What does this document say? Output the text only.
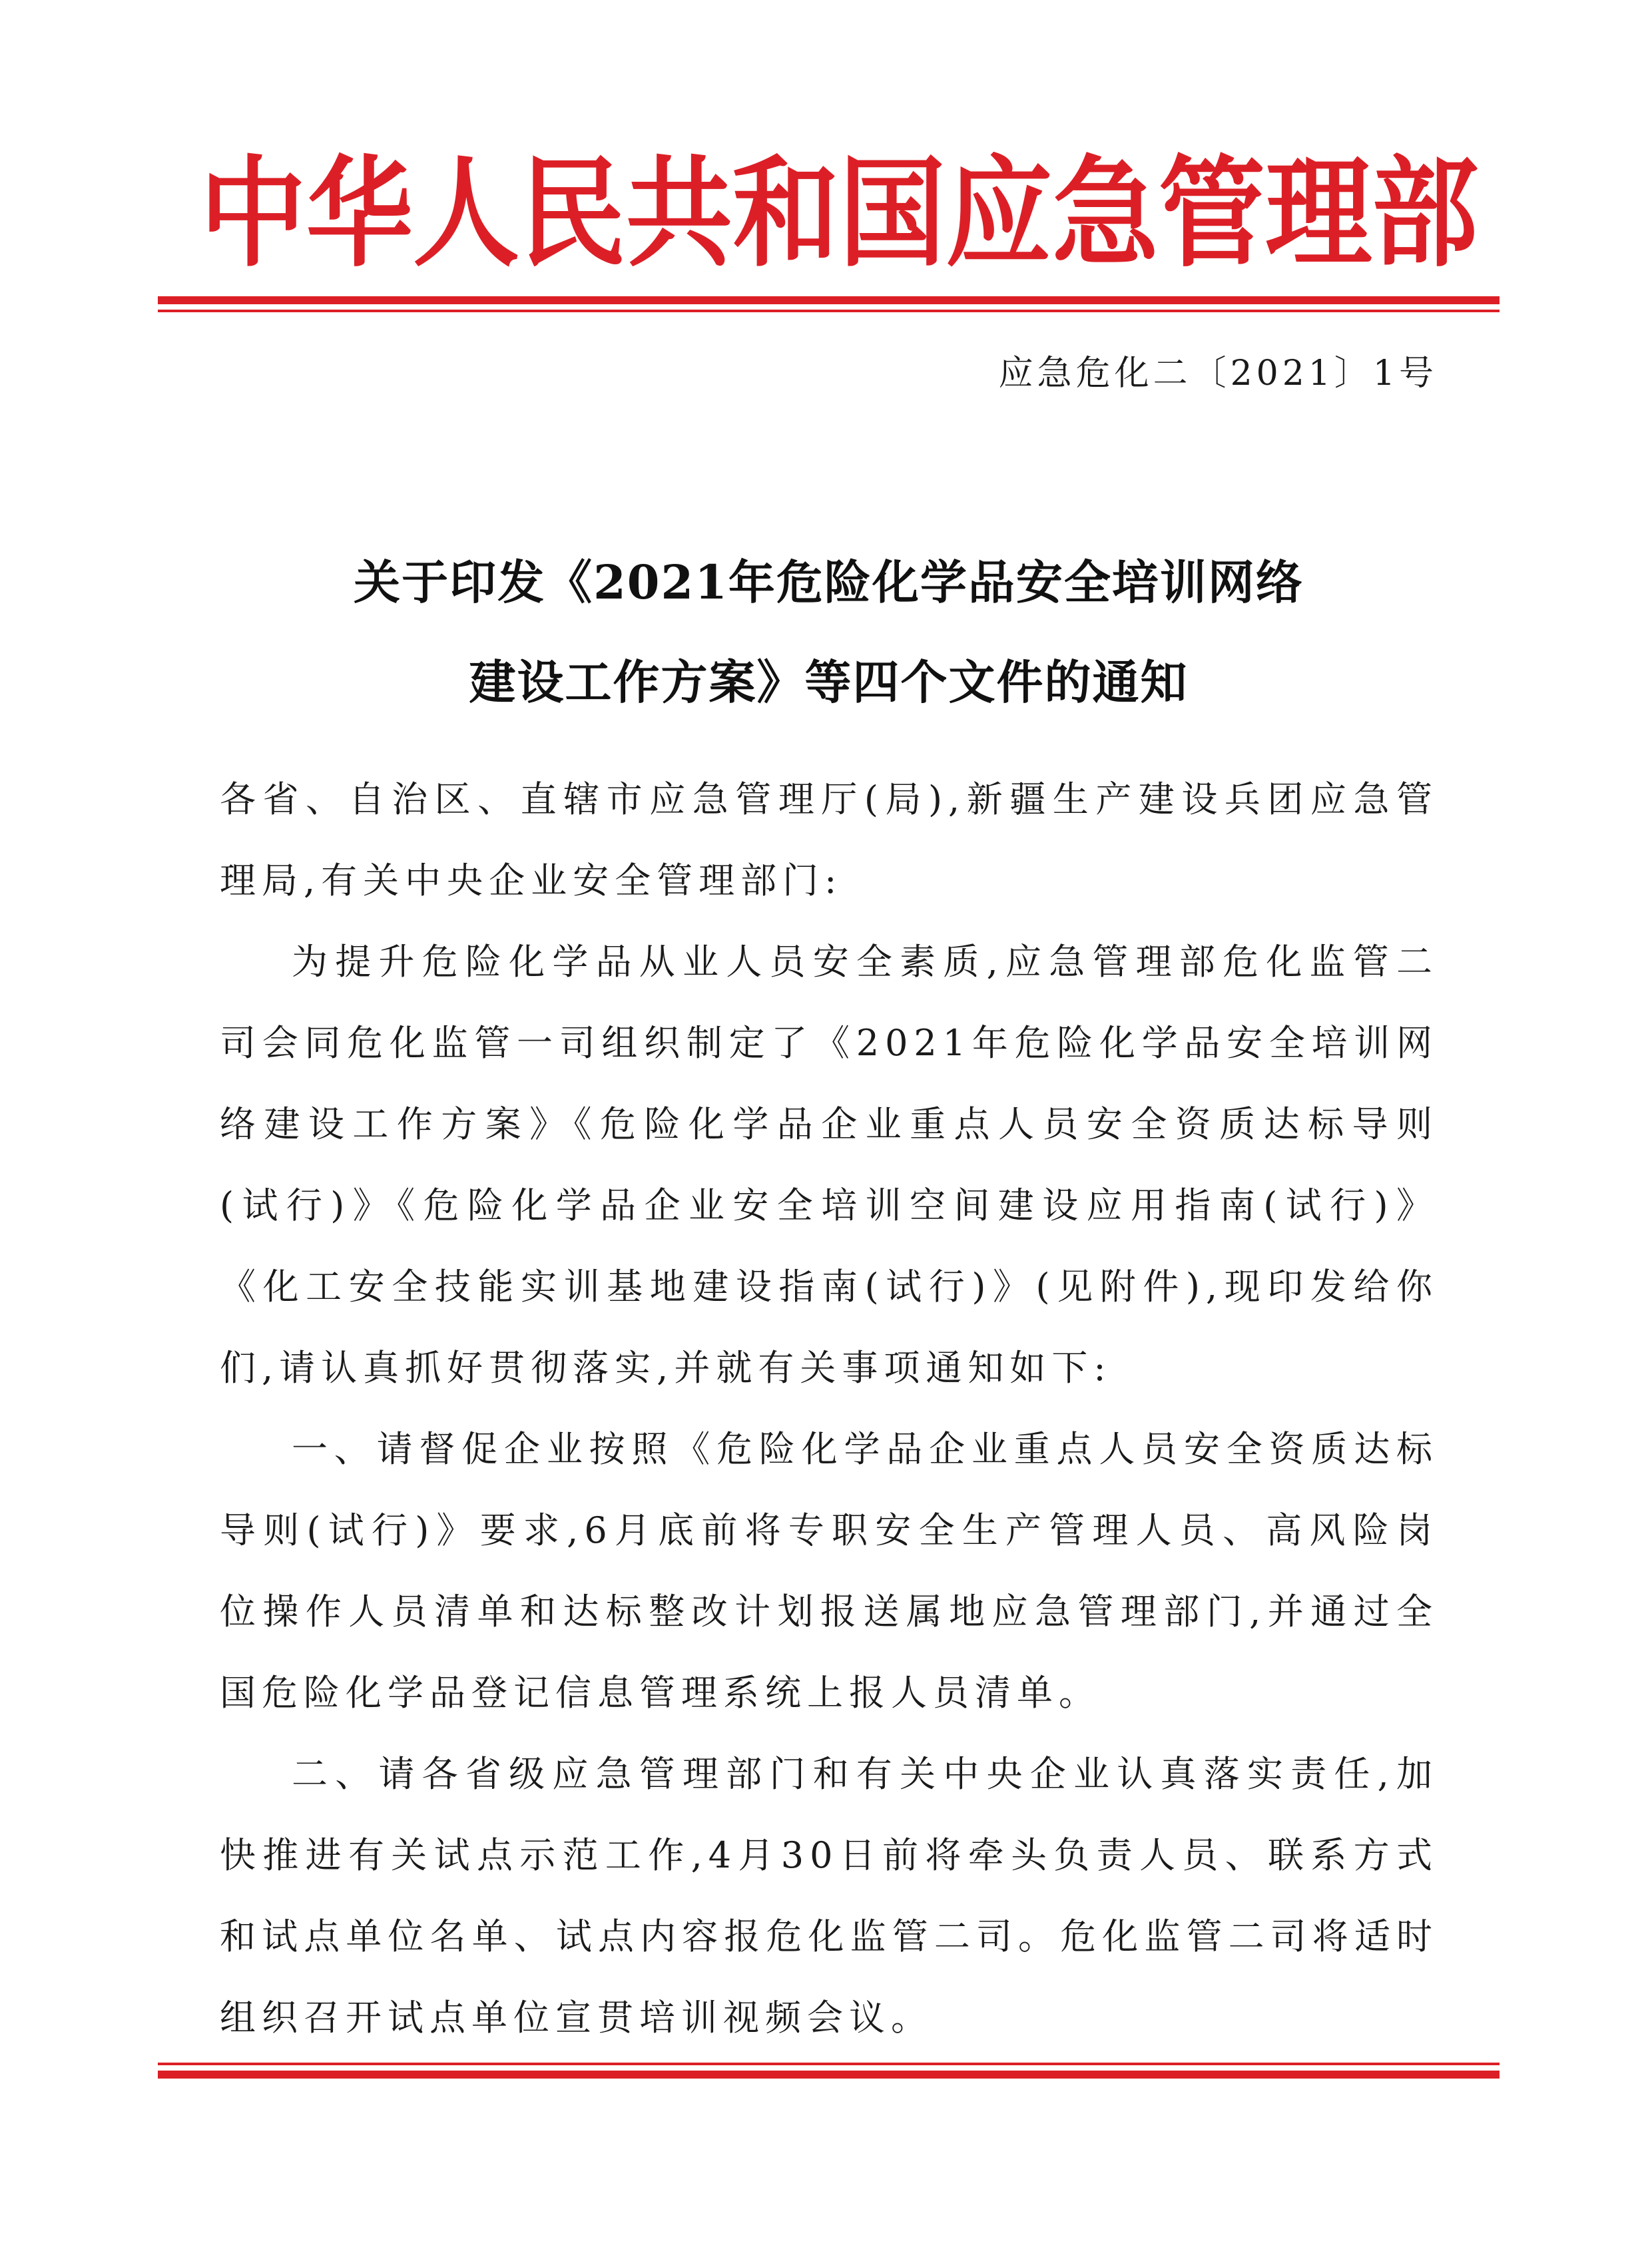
中 华 人 民 共 和 国 应 急 管 理 部
应急危化二〔2021〕1号
关于印发《2021年危险化学品安全培训网络
建设工作方案》等四个文件的通知

各省、自治区、直辖市应急管理厅(局),新疆生产建设兵团应急管理局,有关中央企业安全管理部门:

为提升危险化学品从业人员安全素质,应急管理部危化监管二司会同危化监管一司组织制定了《2021年危险化学品安全培训网络建设工作方案》《危险化学品企业重点人员安全资质达标导则(试行)》《危险化学品企业安全培训空间建设应用指南(试行)》《化工安全技能实训基地建设指南(试行)》(见附件),现印发给你们,请认真抓好贯彻落实,并就有关事项通知如下:

一、请督促企业按照《危险化学品企业重点人员安全资质达标导则(试行)》要求,6月底前将专职安全生产管理人员、高风险岗位操作人员清单和达标整改计划报送属地应急管理部门,并通过全国危险化学品登记信息管理系统上报人员清单。

二、请各省级应急管理部门和有关中央企业认真落实责任,加快推进有关试点示范工作,4月30日前将牵头负责人员、联系方式和试点单位名单、试点内容报危化监管二司。危化监管二司将适时组织召开试点单位宣贯培训视频会议。
